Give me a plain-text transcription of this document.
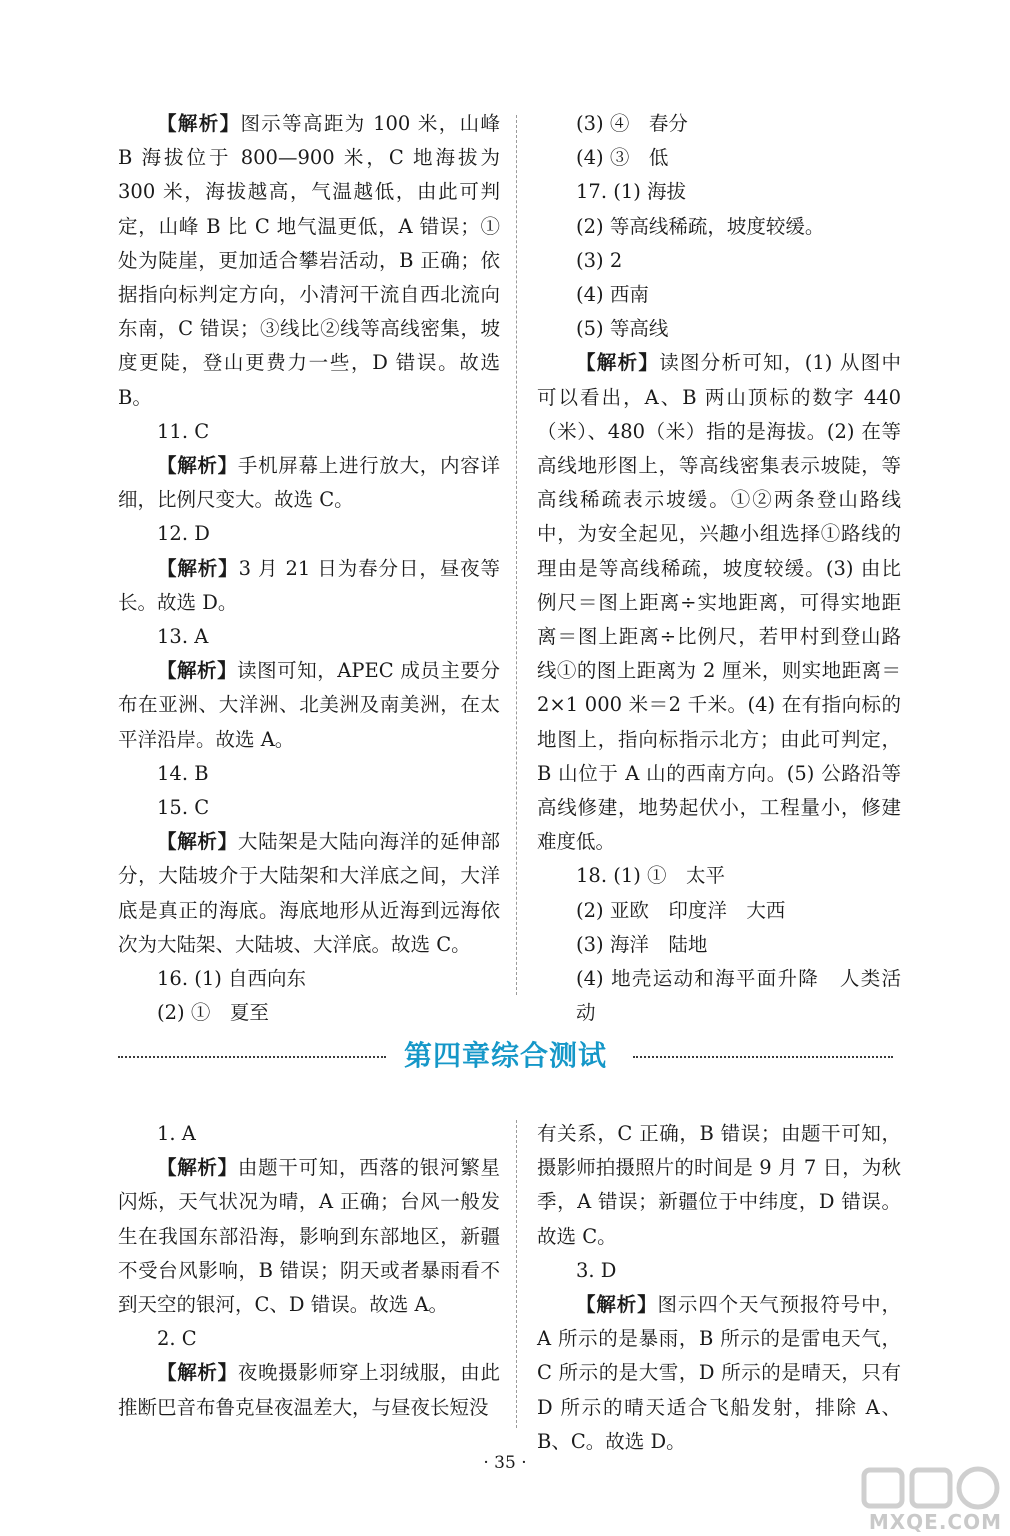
【解析】图示等高距为 100 米，山峰 B 海拔位于 800—900 米，C 地海拔为 300 米，海拔越高，气温越低，由此可判定，山峰 B 比 C 地气温更低，A 错误；①处为陡崖，更加适合攀岩活动，B 正确；依据指向标判定方向，小清河干流自西北流向东南，C 错误；③线比②线等高线密集，坡度更陡，登山更费力一些，D 错误。故选 B。

11. C

【解析】手机屏幕上进行放大，内容详细，比例尺变大。故选 C。

12. D

【解析】3 月 21 日为春分日，昼夜等长。故选 D。

13. A

【解析】读图可知，APEC 成员主要分布在亚洲、大洋洲、北美洲及南美洲，在太平洋沿岸。故选 A。

14. B

15. C

【解析】大陆架是大陆向海洋的延伸部分，大陆坡介于大陆架和大洋底之间，大洋底是真正的海底。海底地形从近海到远海依次为大陆架、大陆坡、大洋底。故选 C。

16. (1) 自西向东

(2) ①　夏至

(3) ④　春分

(4) ③　低

17. (1) 海拔

(2) 等高线稀疏，坡度较缓。

(3) 2

(4) 西南

(5) 等高线

【解析】读图分析可知，(1) 从图中可以看出，A、B 两山顶标的数字 440（米）、480（米）指的是海拔。(2) 在等高线地形图上，等高线密集表示坡陡，等高线稀疏表示坡缓。①②两条登山路线中，为安全起见，兴趣小组选择①路线的理由是等高线稀疏，坡度较缓。(3) 由比例尺＝图上距离÷实地距离，可得实地距离＝图上距离÷比例尺，若甲村到登山路线①的图上距离为 2 厘米，则实地距离＝2×1 000 米＝2 千米。(4) 在有指向标的地图上，指向标指示北方；由此可判定，B 山位于 A 山的西南方向。(5) 公路沿等高线修建，地势起伏小，工程量小，修建难度低。

18. (1) ①　太平

(2) 亚欧　印度洋　大西

(3) 海洋　陆地

(4) 地壳运动和海平面升降　人类活动

第四章综合测试

1. A

【解析】由题干可知，西落的银河繁星闪烁，天气状况为晴，A 正确；台风一般发生在我国东部沿海，影响到东部地区，新疆不受台风影响，B 错误；阴天或者暴雨看不到天空的银河，C、D 错误。故选 A。

2. C

【解析】夜晚摄影师穿上羽绒服，由此推断巴音布鲁克昼夜温差大，与昼夜长短没

有关系，C 正确，B 错误；由题干可知，摄影师拍摄照片的时间是 9 月 7 日，为秋季，A 错误；新疆位于中纬度，D 错误。故选 C。

3. D

【解析】图示四个天气预报符号中，A 所示的是暴雨，B 所示的是雷电天气，C 所示的是大雪，D 所示的是晴天，只有 D 所示的晴天适合飞船发射，排除 A、B、C。故选 D。

· 35 ·
MXQE.COM
